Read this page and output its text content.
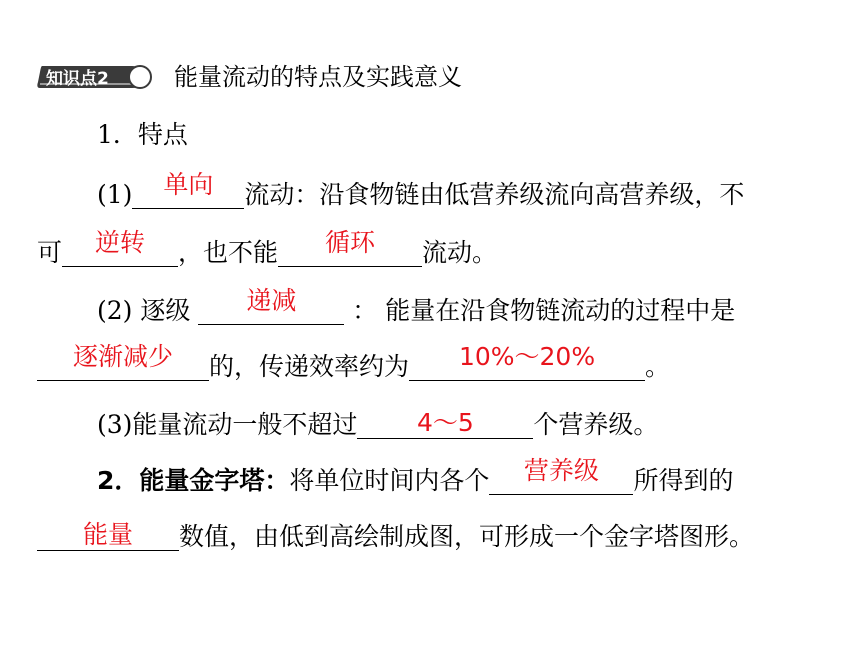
知识点2	能量流动的特点及实践意义
1．特点
(1)	单向	流动：沿食物链由低营养级流向高营养级，不
可	逆转	，也不能	循环	流动。
(2) 逐级	递减	： 能量在沿食物链流动的过程中是
逐渐减少	的，传递效率约为	10%～20%	。
(3)能量流动一般不超过	4～5	个营养级。
2．能量金字塔：将单位时间内各个	营养级	所得到的
能量	数值，由低到高绘制成图，可形成一个金字塔图形。
